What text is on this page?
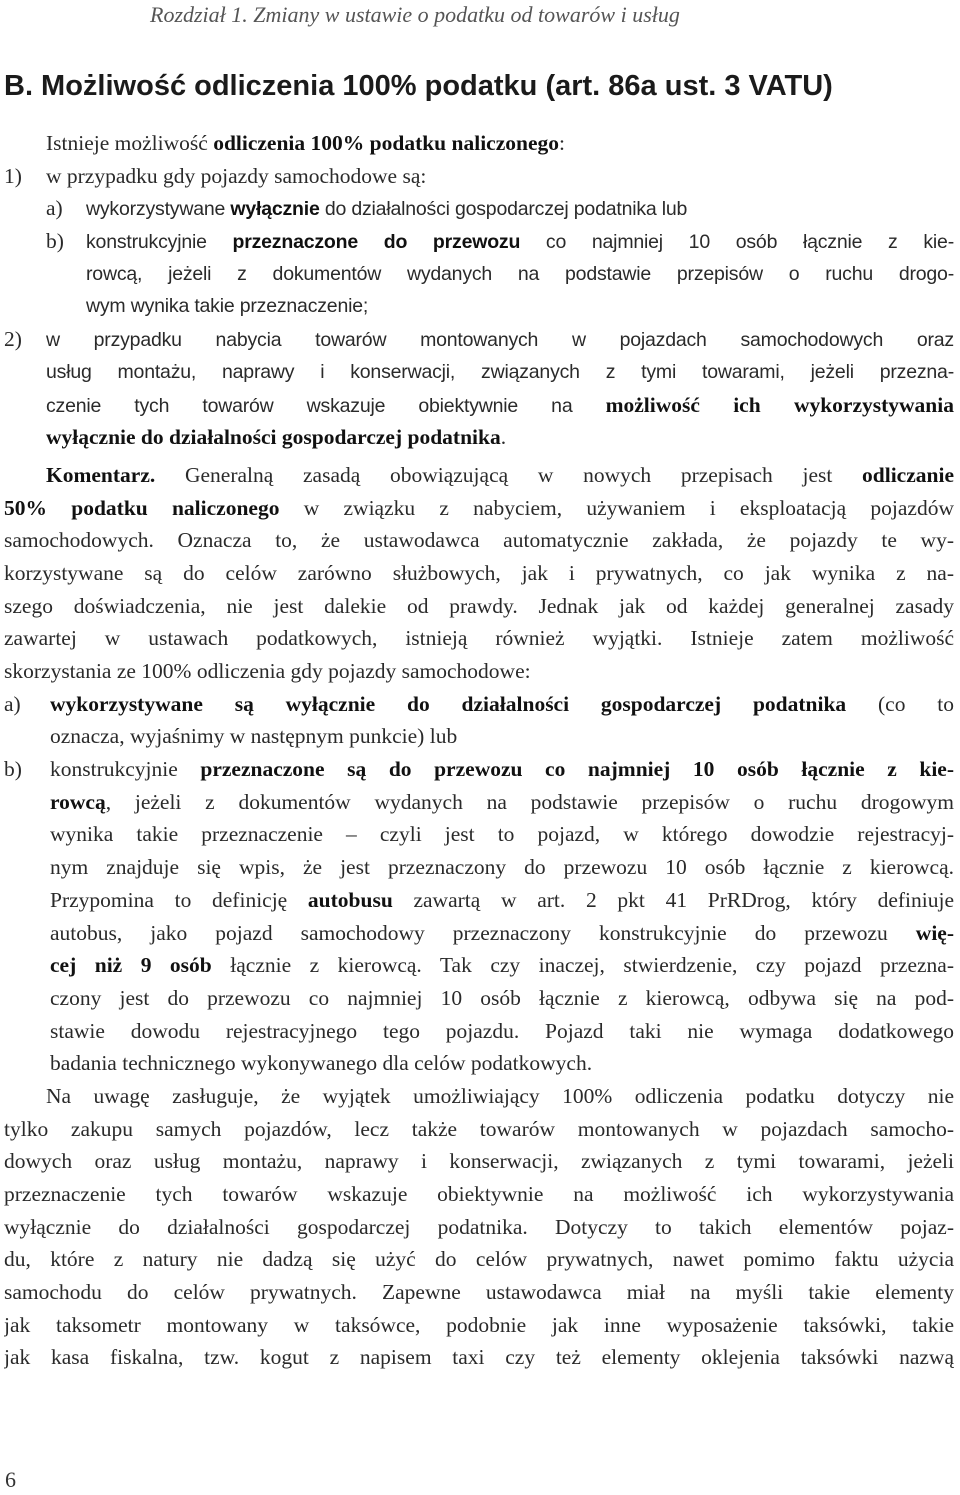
Rozdział 1. Zmiany w ustawie o podatku od towarów i usług
B. Możliwość odliczenia 100% podatku (art. 86a ust. 3 VATU)
Istnieje możliwość odliczenia 100% podatku naliczonego:
1) w przypadku gdy pojazdy samochodowe są:
a) wykorzystywane wyłącznie do działalności gospodarczej podatnika lub
b) konstrukcyjnie przeznaczone do przewozu co najmniej 10 osób łącznie z kie-
rowcą, jeżeli z dokumentów wydanych na podstawie przepisów o ruchu drogo-
wym wynika takie przeznaczenie;
2) w przypadku nabycia towarów montowanych w pojazdach samochodowych oraz
usług montażu, naprawy i konserwacji, związanych z tymi towarami, jeżeli przezna-
czenie tych towarów wskazuje obiektywnie na możliwość ich wykorzystywania
wyłącznie do działalności gospodarczej podatnika.
Komentarz. Generalną zasadą obowiązującą w nowych przepisach jest odliczanie
50% podatku naliczonego w związku z nabyciem, używaniem i eksploatacją pojazdów
samochodowych. Oznacza to, że ustawodawca automatycznie zakłada, że pojazdy te wy-
korzystywane są do celów zarówno służbowych, jak i prywatnych, co jak wynika z na-
szego doświadczenia, nie jest dalekie od prawdy. Jednak jak od każdej generalnej zasady
zawartej w ustawach podatkowych, istnieją również wyjątki. Istnieje zatem możliwość
skorzystania ze 100% odliczenia gdy pojazdy samochodowe:
a) wykorzystywane są wyłącznie do działalności gospodarczej podatnika (co to
oznacza, wyjaśnimy w następnym punkcie) lub
b) konstrukcyjnie przeznaczone są do przewozu co najmniej 10 osób łącznie z kie-
rowcą, jeżeli z dokumentów wydanych na podstawie przepisów o ruchu drogowym
wynika takie przeznaczenie – czyli jest to pojazd, w którego dowodzie rejestracyj-
nym znajduje się wpis, że jest przeznaczony do przewozu 10 osób łącznie z kierowcą.
Przypomina to definicję autobusu zawartą w art. 2 pkt 41 PrRDrog, który definiuje
autobus, jako pojazd samochodowy przeznaczony konstrukcyjnie do przewozu wię-
cej niż 9 osób łącznie z kierowcą. Tak czy inaczej, stwierdzenie, czy pojazd przezna-
czony jest do przewozu co najmniej 10 osób łącznie z kierowcą, odbywa się na pod-
stawie dowodu rejestracyjnego tego pojazdu. Pojazd taki nie wymaga dodatkowego
badania technicznego wykonywanego dla celów podatkowych.
Na uwagę zasługuje, że wyjątek umożliwiający 100% odliczenia podatku dotyczy nie
tylko zakupu samych pojazdów, lecz także towarów montowanych w pojazdach samocho-
dowych oraz usług montażu, naprawy i konserwacji, związanych z tymi towarami, jeżeli
przeznaczenie tych towarów wskazuje obiektywnie na możliwość ich wykorzystywania
wyłącznie do działalności gospodarczej podatnika. Dotyczy to takich elementów pojaz-
du, które z natury nie dadzą się użyć do celów prywatnych, nawet pomimo faktu użycia
samochodu do celów prywatnych. Zapewne ustawodawca miał na myśli takie elementy
jak taksometr montowany w taksówce, podobnie jak inne wyposażenie taksówki, takie
jak kasa fiskalna, tzw. kogut z napisem taxi czy też elementy oklejenia taksówki nazwą
6
